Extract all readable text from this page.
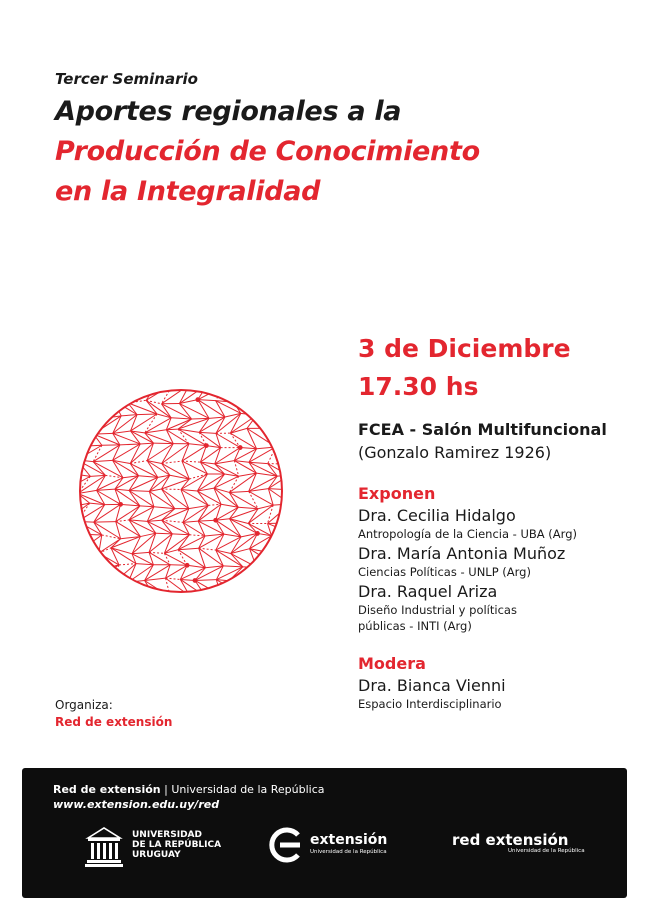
Tercer Seminario
Aportes regionales a la
Producción de Conocimiento
en la Integralidad
3 de Diciembre
17.30 hs
FCEA - Salón Multifuncional
(Gonzalo Ramirez 1926)
Exponen
Dra. Cecilia Hidalgo
Antropología de la Ciencia - UBA (Arg)
Dra. María Antonia Muñoz
Ciencias Políticas - UNLP (Arg)
Dra. Raquel Ariza
Diseño Industrial y políticas
públicas - INTI (Arg)
Modera
Dra. Bianca Vienni
Espacio Interdisciplinario
Organiza:
Red de extensión
Red de extensión | Universidad de la República
www.extension.edu.uy/red
UNIVERSIDAD
DE LA REPÚBLICA
URUGUAY
extensión
Universidad de la República
red extensión
Universidad de la República
